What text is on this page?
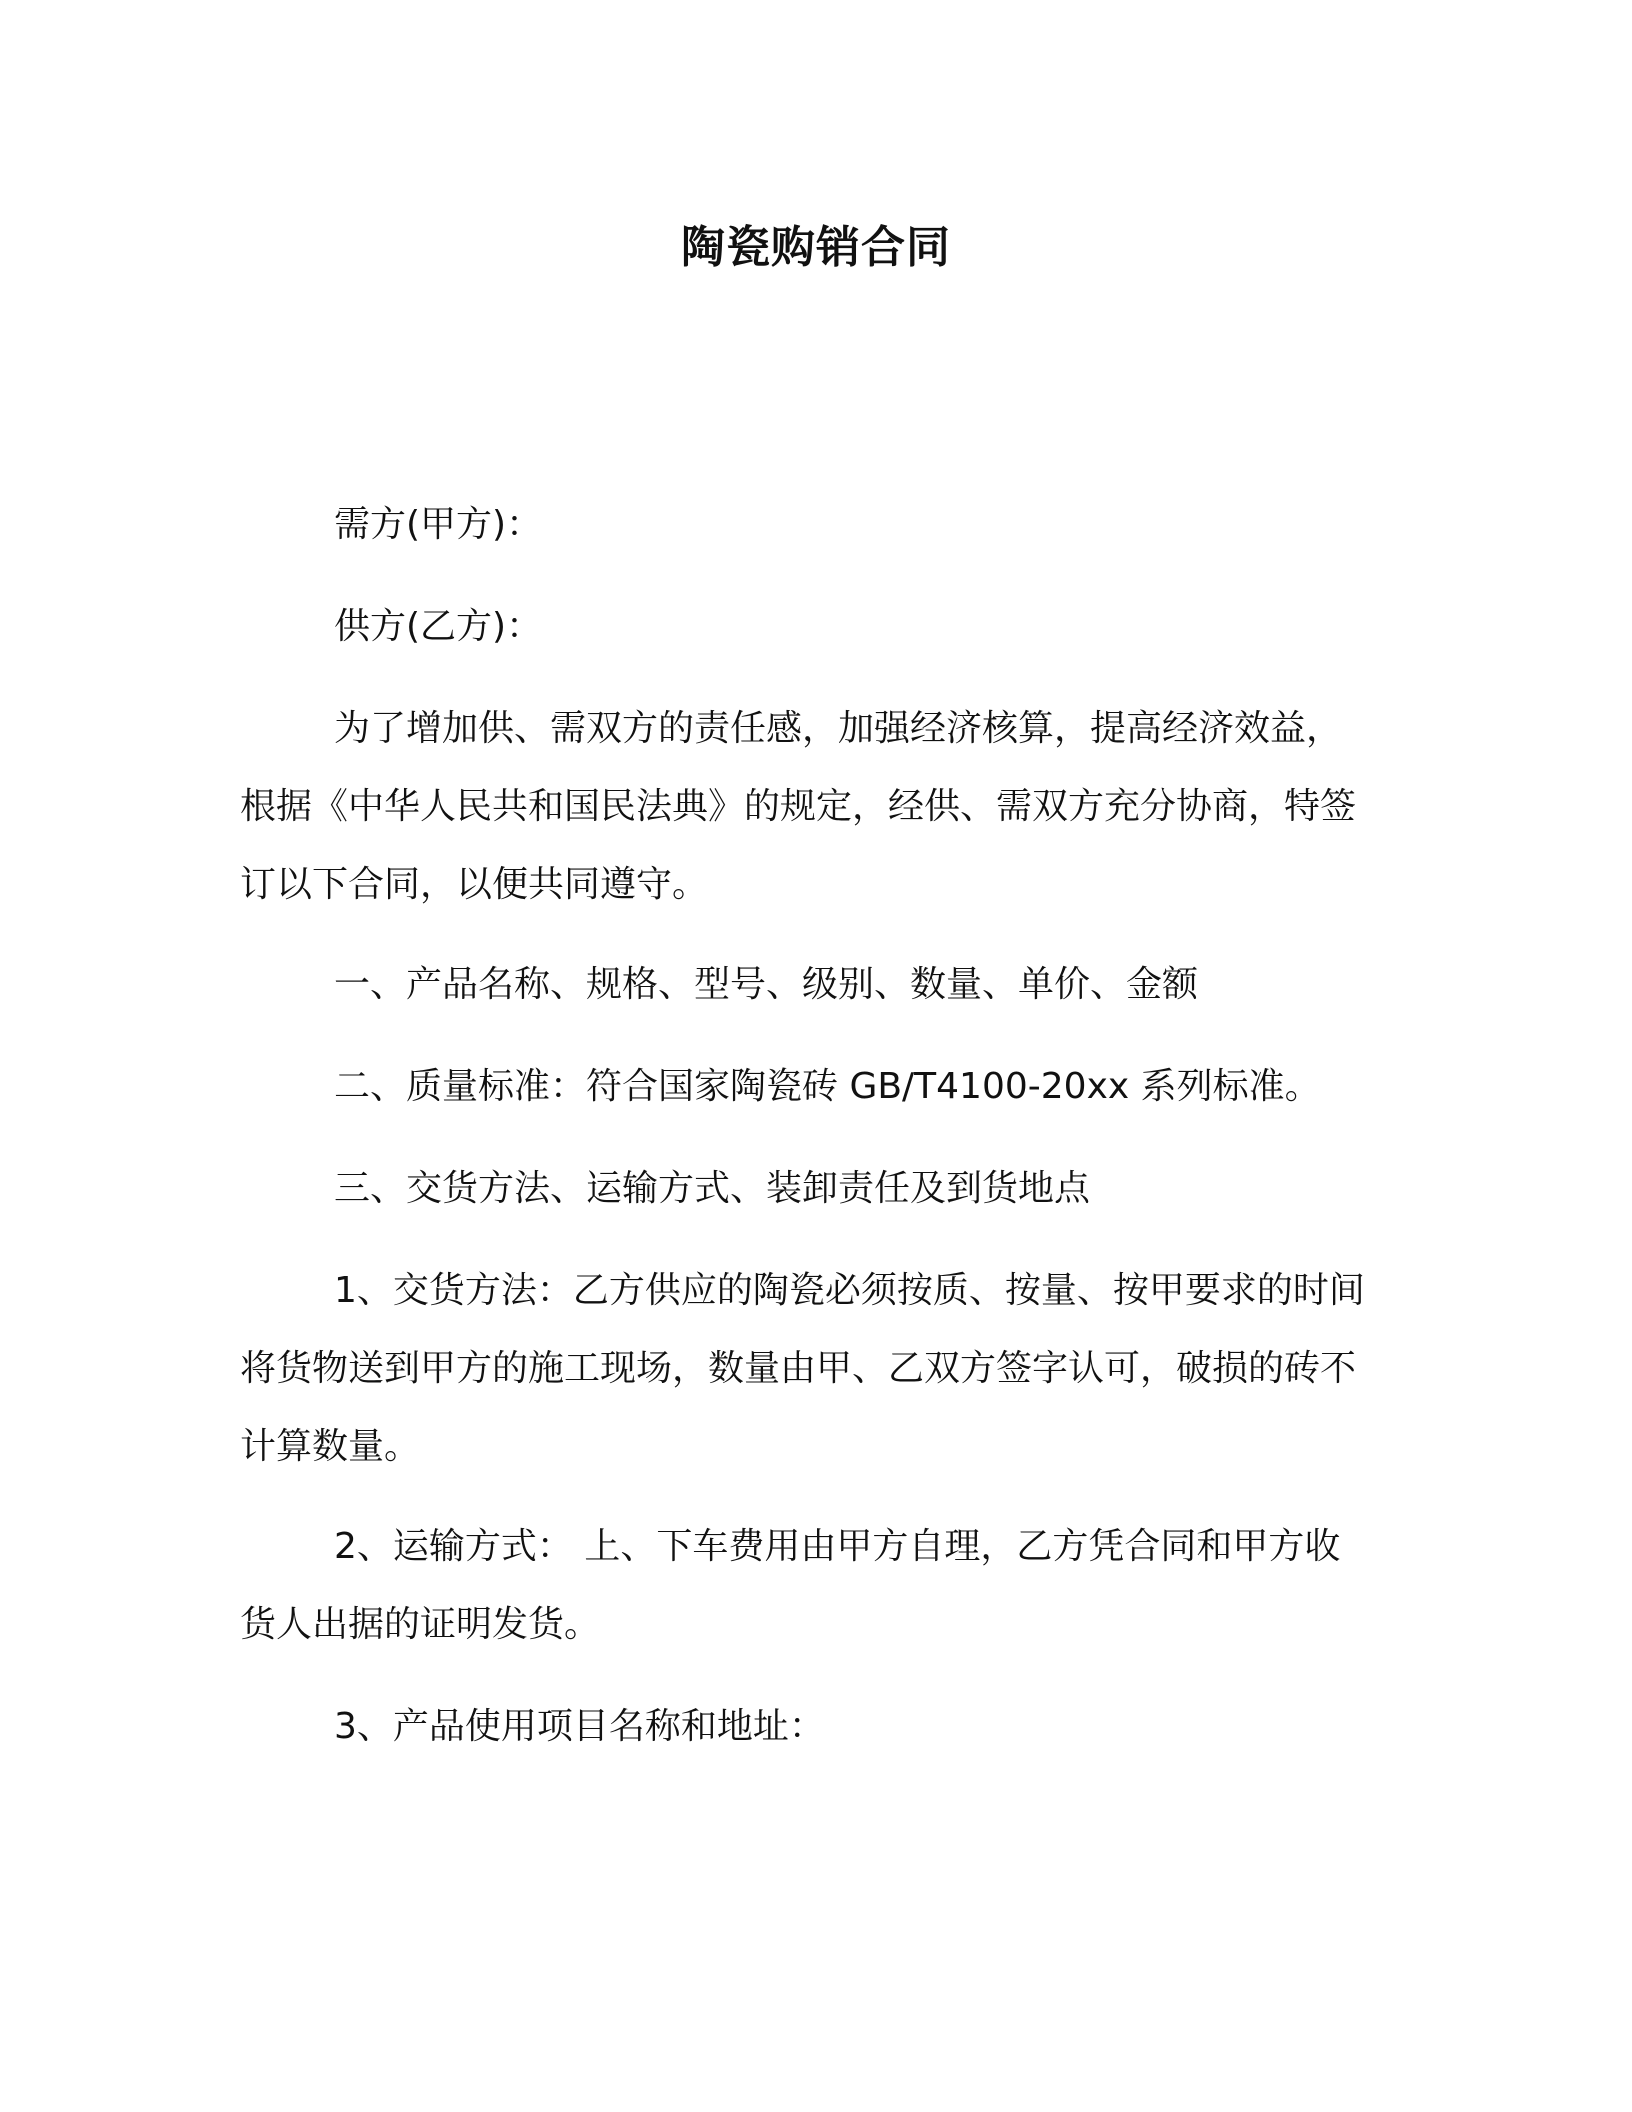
陶瓷购销合同
需方(甲方)：
供方(乙方)：
为了增加供、需双方的责任感，加强经济核算，提高经济效益，根据《中华人民共和国民法典》的规定，经供、需双方充分协商，特签订以下合同，以便共同遵守。
一、产品名称、规格、型号、级别、数量、单价、金额
二、质量标准：符合国家陶瓷砖 GB/T4100-20xx 系列标准。
三、交货方法、运输方式、装卸责任及到货地点
1、交货方法：乙方供应的陶瓷必须按质、按量、按甲要求的时间将货物送到甲方的施工现场，数量由甲、乙双方签字认可，破损的砖不计算数量。
2、运输方式： 上、下车费用由甲方自理，乙方凭合同和甲方收货人出据的证明发货。
3、产品使用项目名称和地址：
